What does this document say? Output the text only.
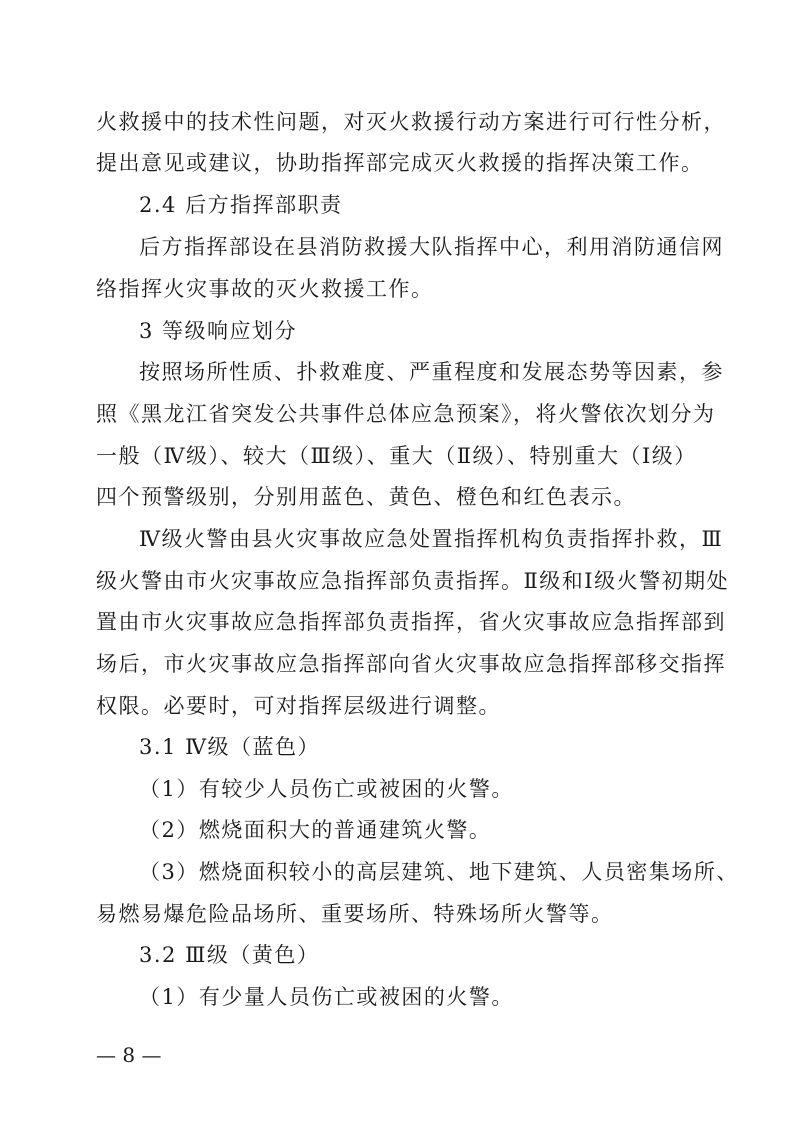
火救援中的技术性问题，对灭火救援行动方案进行可行性分析，
提出意见或建议，协助指挥部完成灭火救援的指挥决策工作。
2.4 后方指挥部职责
后方指挥部设在县消防救援大队指挥中心，利用消防通信网
络指挥火灾事故的灭火救援工作。
3 等级响应划分
按照场所性质、扑救难度、严重程度和发展态势等因素，参
照《黑龙江省突发公共事件总体应急预案》，将火警依次划分为
一般（Ⅳ级）、较大（Ⅲ级）、重大（Ⅱ级）、特别重大（Ⅰ级）
四个预警级别，分别用蓝色、黄色、橙色和红色表示。
Ⅳ级火警由县火灾事故应急处置指挥机构负责指挥扑救，Ⅲ
级火警由市火灾事故应急指挥部负责指挥。Ⅱ级和Ⅰ级火警初期处
置由市火灾事故应急指挥部负责指挥，省火灾事故应急指挥部到
场后，市火灾事故应急指挥部向省火灾事故应急指挥部移交指挥
权限。必要时，可对指挥层级进行调整。
3.1 Ⅳ级（蓝色）
（1）有较少人员伤亡或被困的火警。
（2）燃烧面积大的普通建筑火警。
（3）燃烧面积较小的高层建筑、地下建筑、人员密集场所、
易燃易爆危险品场所、重要场所、特殊场所火警等。
3.2 Ⅲ级（黄色）
（1）有少量人员伤亡或被困的火警。
— 8 —
